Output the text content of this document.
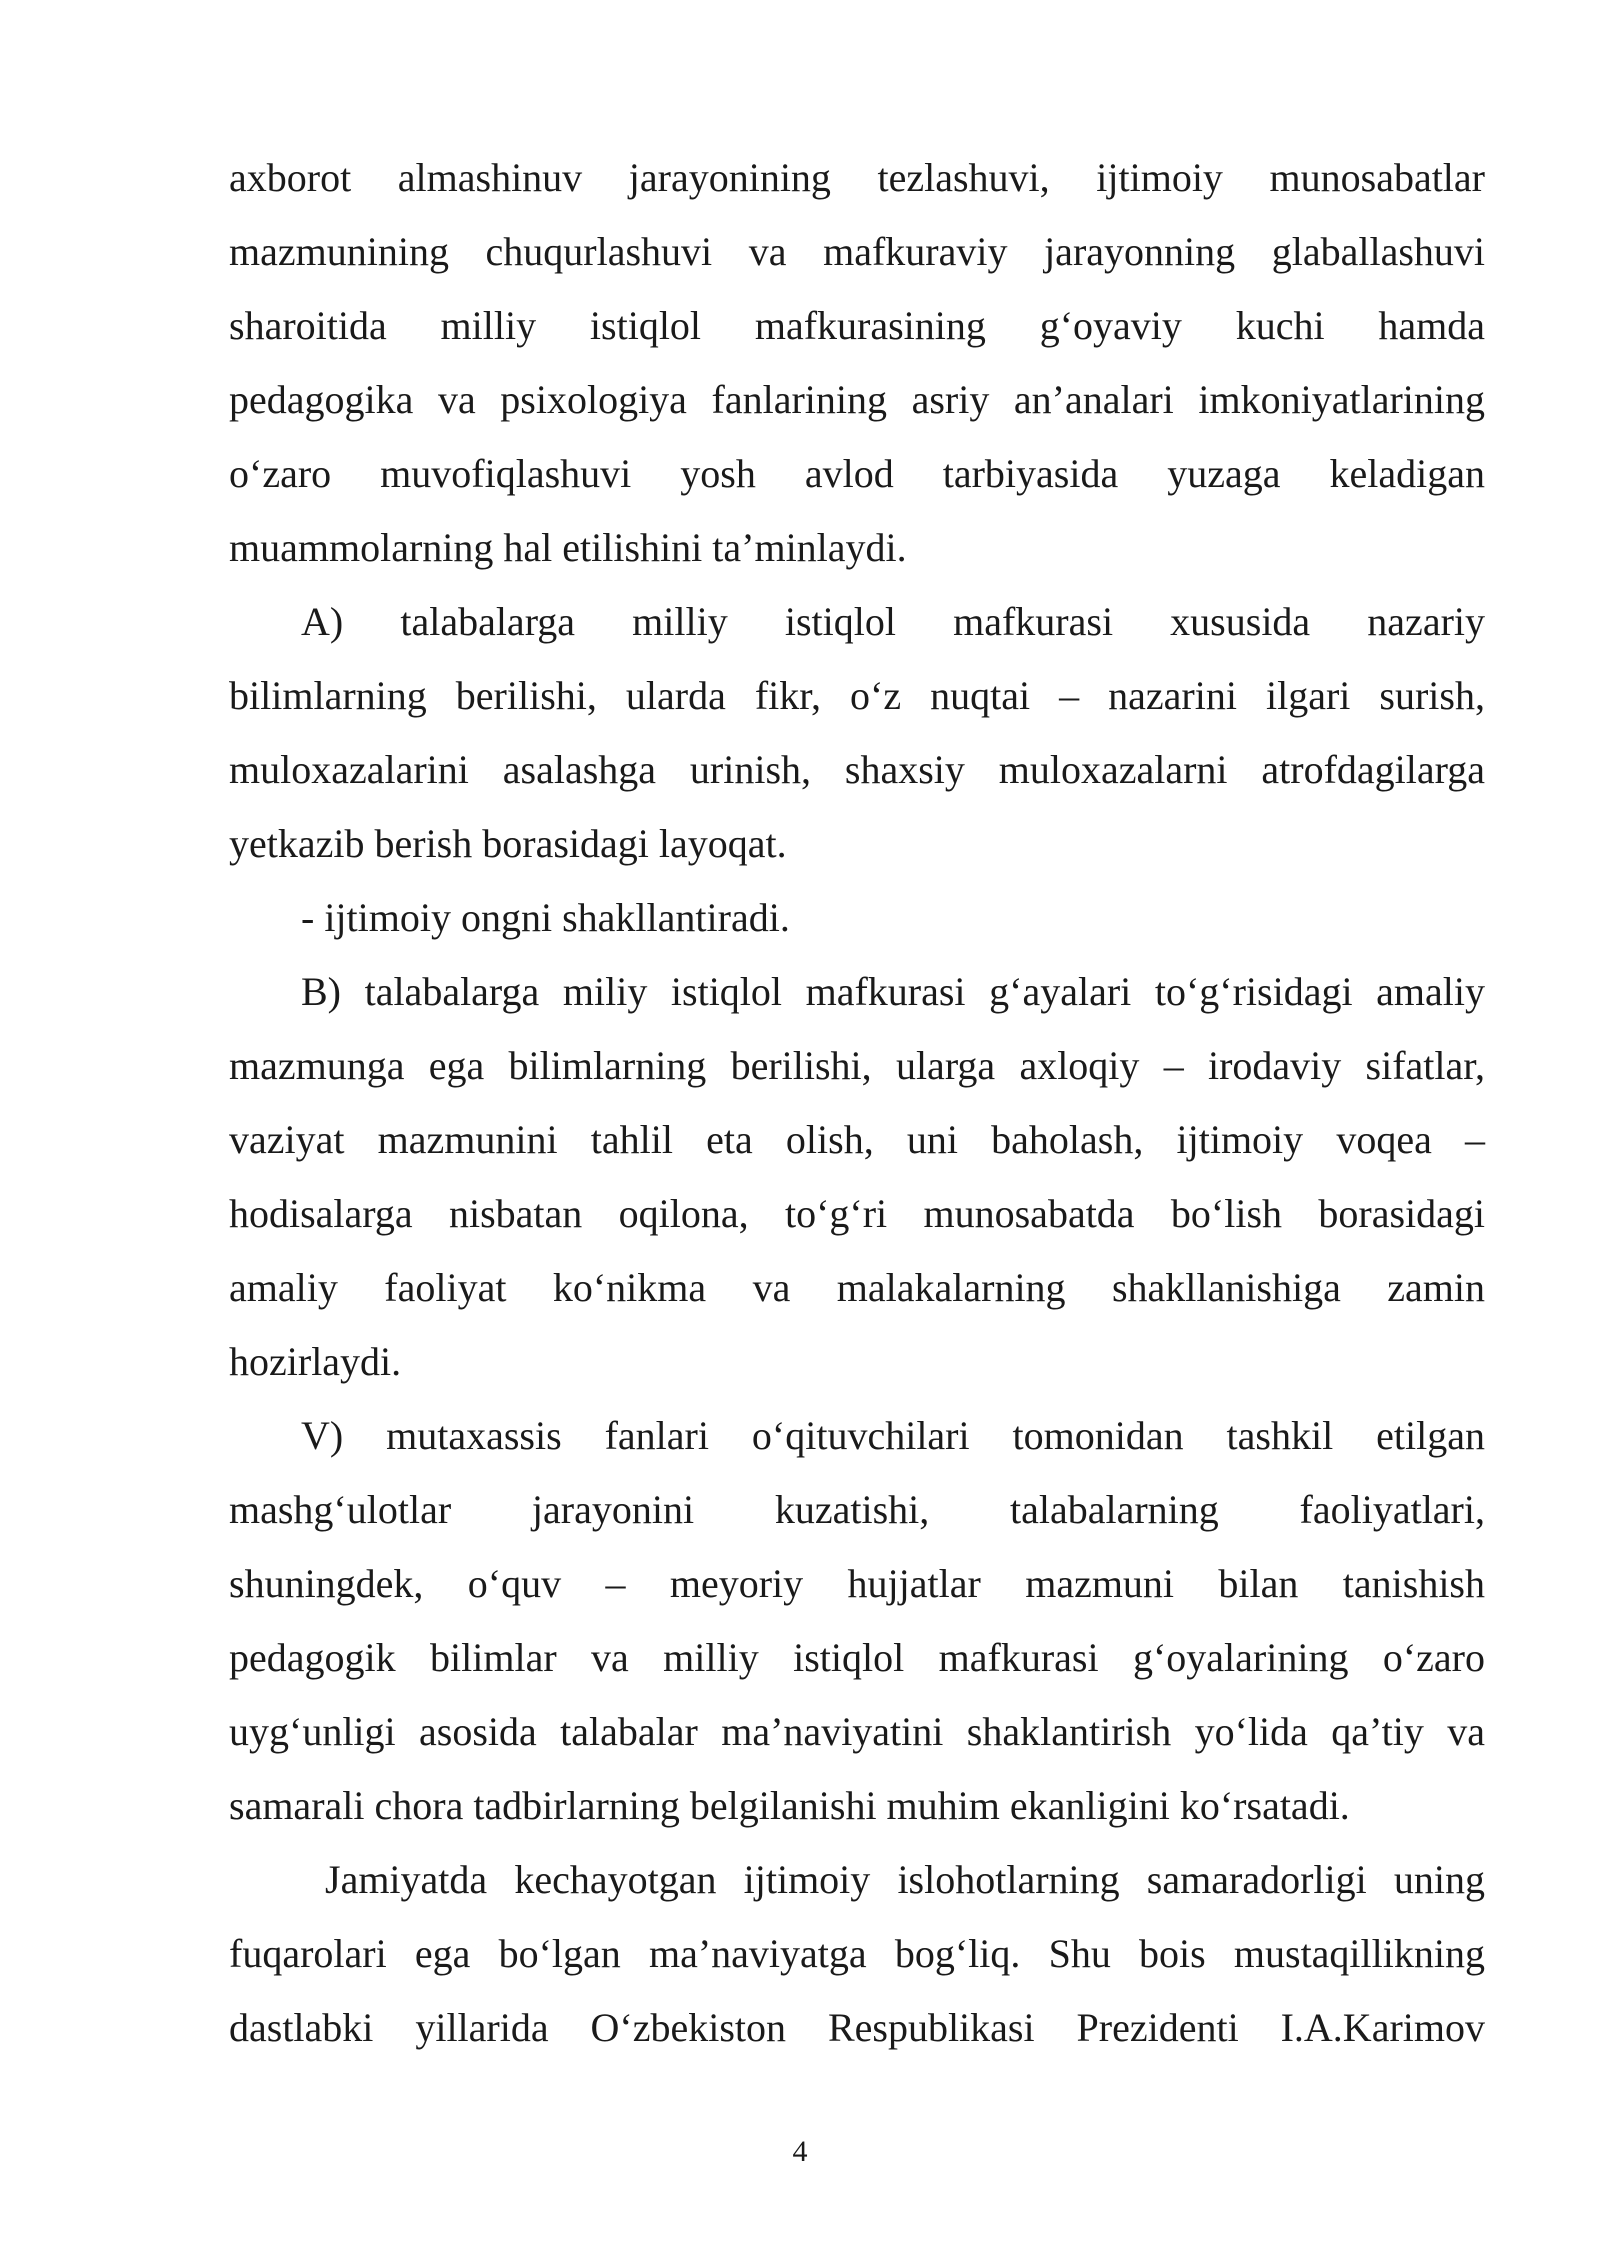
axborot almashinuv jarayonining tezlashuvi, ijtimoiy munosabatlar
mazmunining chuqurlashuvi va mafkuraviy jarayonning glaballashuvi
sharoitida milliy istiqlol mafkurasining g‘oyaviy kuchi hamda
pedagogika va psixologiya fanlarining asriy an’analari imkoniyatlarining
o‘zaro muvofiqlashuvi yosh avlod tarbiyasida yuzaga keladigan
muammolarning hal etilishini ta’minlaydi.
A) talabalarga milliy istiqlol mafkurasi xususida nazariy
bilimlarning berilishi, ularda fikr, o‘z nuqtai – nazarini ilgari surish,
muloxazalarini asalashga urinish, shaxsiy muloxazalarni atrofdagilarga
yetkazib berish borasidagi layoqat.
- ijtimoiy ongni shakllantiradi.
B) talabalarga miliy istiqlol mafkurasi g‘ayalari to‘g‘risidagi amaliy
mazmunga ega bilimlarning berilishi, ularga axloqiy – irodaviy sifatlar,
vaziyat mazmunini tahlil eta olish, uni baholash, ijtimoiy voqea –
hodisalarga nisbatan oqilona, to‘g‘ri munosabatda bo‘lish borasidagi
amaliy faoliyat ko‘nikma va malakalarning shakllanishiga zamin
hozirlaydi.
V) mutaxassis fanlari o‘qituvchilari tomonidan tashkil etilgan
mashg‘ulotlar jarayonini kuzatishi, talabalarning faoliyatlari,
shuningdek, o‘quv – meyoriy hujjatlar mazmuni bilan tanishish
pedagogik bilimlar va milliy istiqlol mafkurasi g‘oyalarining o‘zaro
uyg‘unligi asosida talabalar ma’naviyatini shaklantirish yo‘lida qa’tiy va
samarali chora tadbirlarning belgilanishi muhim ekanligini ko‘rsatadi.
Jamiyatda kechayotgan ijtimoiy islohotlarning samaradorligi uning
fuqarolari ega bo‘lgan ma’naviyatga bog‘liq. Shu bois mustaqillikning
dastlabki yillarida O‘zbekiston Respublikasi Prezidenti I.A.Karimov
4
